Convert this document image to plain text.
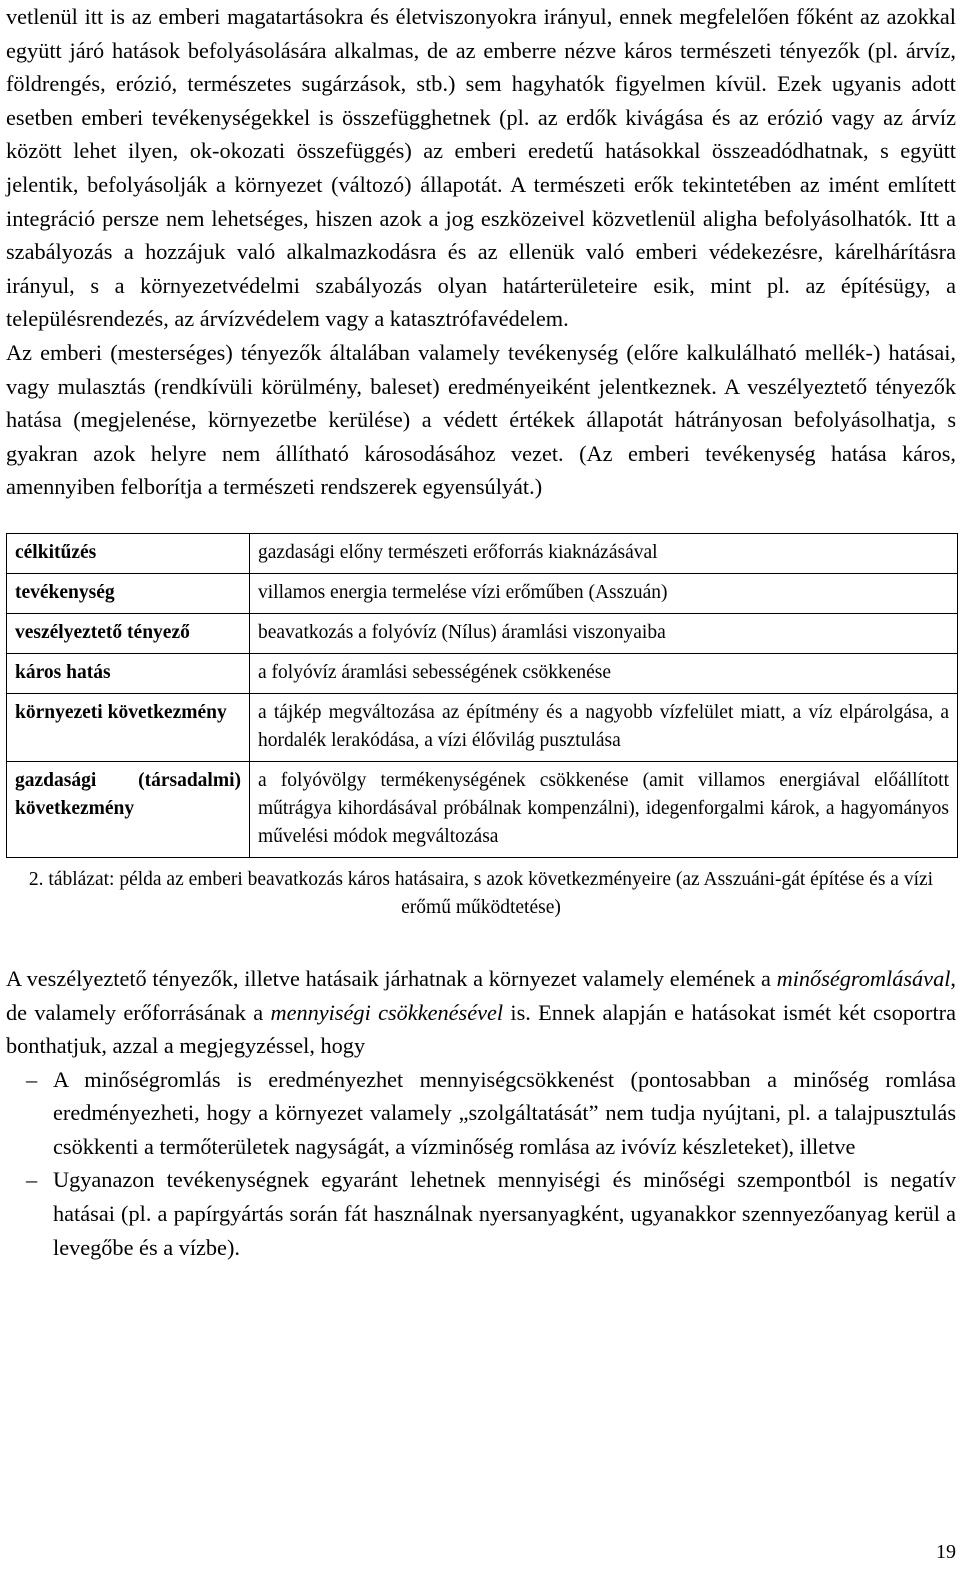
vetlenül itt is az emberi magatartásokra és életviszonyokra irányul, ennek megfelelően főként az azokkal együtt járó hatások befolyásolására alkalmas, de az emberre nézve káros természeti tényezők (pl. árvíz, földrengés, erózió, természetes sugárzások, stb.) sem hagyhatók figyelmen kívül. Ezek ugyanis adott esetben emberi tevékenységekkel is összefügghetnek (pl. az erdők kivágása és az erózió vagy az árvíz között lehet ilyen, ok-okozati összefüggés) az emberi eredetű hatásokkal összeadódhatnak, s együtt jelentik, befolyásolják a környezet (változó) állapotát. A természeti erők tekintetében az imént említett integráció persze nem lehetséges, hiszen azok a jog eszközeivel közvetlenül aligha befolyásolhatók. Itt a szabályozás a hozzájuk való alkalmazkodásra és az ellenük való emberi védekezésre, kárelhárításra irányul, s a környezetvédelmi szabályozás olyan határterületeire esik, mint pl. az építésügy, a településrendezés, az árvízvédelem vagy a katasztrófavédelem.

Az emberi (mesterséges) tényezők általában valamely tevékenység (előre kalkulálható mellék-) hatásai, vagy mulasztás (rendkívüli körülmény, baleset) eredményeiként jelentkeznek. A veszélyeztető tényezők hatása (megjelenése, környezetbe kerülése) a védett értékek állapotát hátrányosan befolyásolhatja, s gyakran azok helyre nem állítható károsodásához vezet. (Az emberi tevékenység hatása káros, amennyiben felborítja a természeti rendszerek egyensúlyát.)

célkitűzés	gazdasági előny természeti erőforrás kiaknázásával
tevékenység	villamos energia termelése vízi erőműben (Asszuán)
veszélyeztető tényező	beavatkozás a folyóvíz (Nílus) áramlási viszonyaiba
káros hatás	a folyóvíz áramlási sebességének csökkenése
környezeti következmény	a tájkép megváltozása az építmény és a nagyobb vízfelület miatt, a víz elpárolgása, a hordalék lerakódása, a vízi élővilág pusztulása
gazdasági (társadalmi) következmény	a folyóvölgy termékenységének csökkenése (amit villamos energiával előállított műtrágya kihordásával próbálnak kompenzálni), idegenforgalmi károk, a hagyományos művelési módok megváltozása
2. táblázat: példa az emberi beavatkozás káros hatásaira, s azok következményeire (az Asszuáni-gát építése és a vízi erőmű működtetése)

A veszélyeztető tényezők, illetve hatásaik járhatnak a környezet valamely elemének a minőségromlásával, de valamely erőforrásának a mennyiségi csökkenésével is. Ennek alapján e hatásokat ismét két csoportra bonthatjuk, azzal a megjegyzéssel, hogy

– A minőségromlás is eredményezhet mennyiségcsökkenést (pontosabban a minőség romlása eredményezheti, hogy a környezet valamely „szolgáltatását” nem tudja nyújtani, pl. a talajpusztulás csökkenti a termőterületek nagyságát, a vízminőség romlása az ivóvíz készleteket), illetve
– Ugyanazon tevékenységnek egyaránt lehetnek mennyiségi és minőségi szempontból is negatív hatásai (pl. a papírgyártás során fát használnak nyersanyagként, ugyanakkor szennyezőanyag kerül a levegőbe és a vízbe).
19
